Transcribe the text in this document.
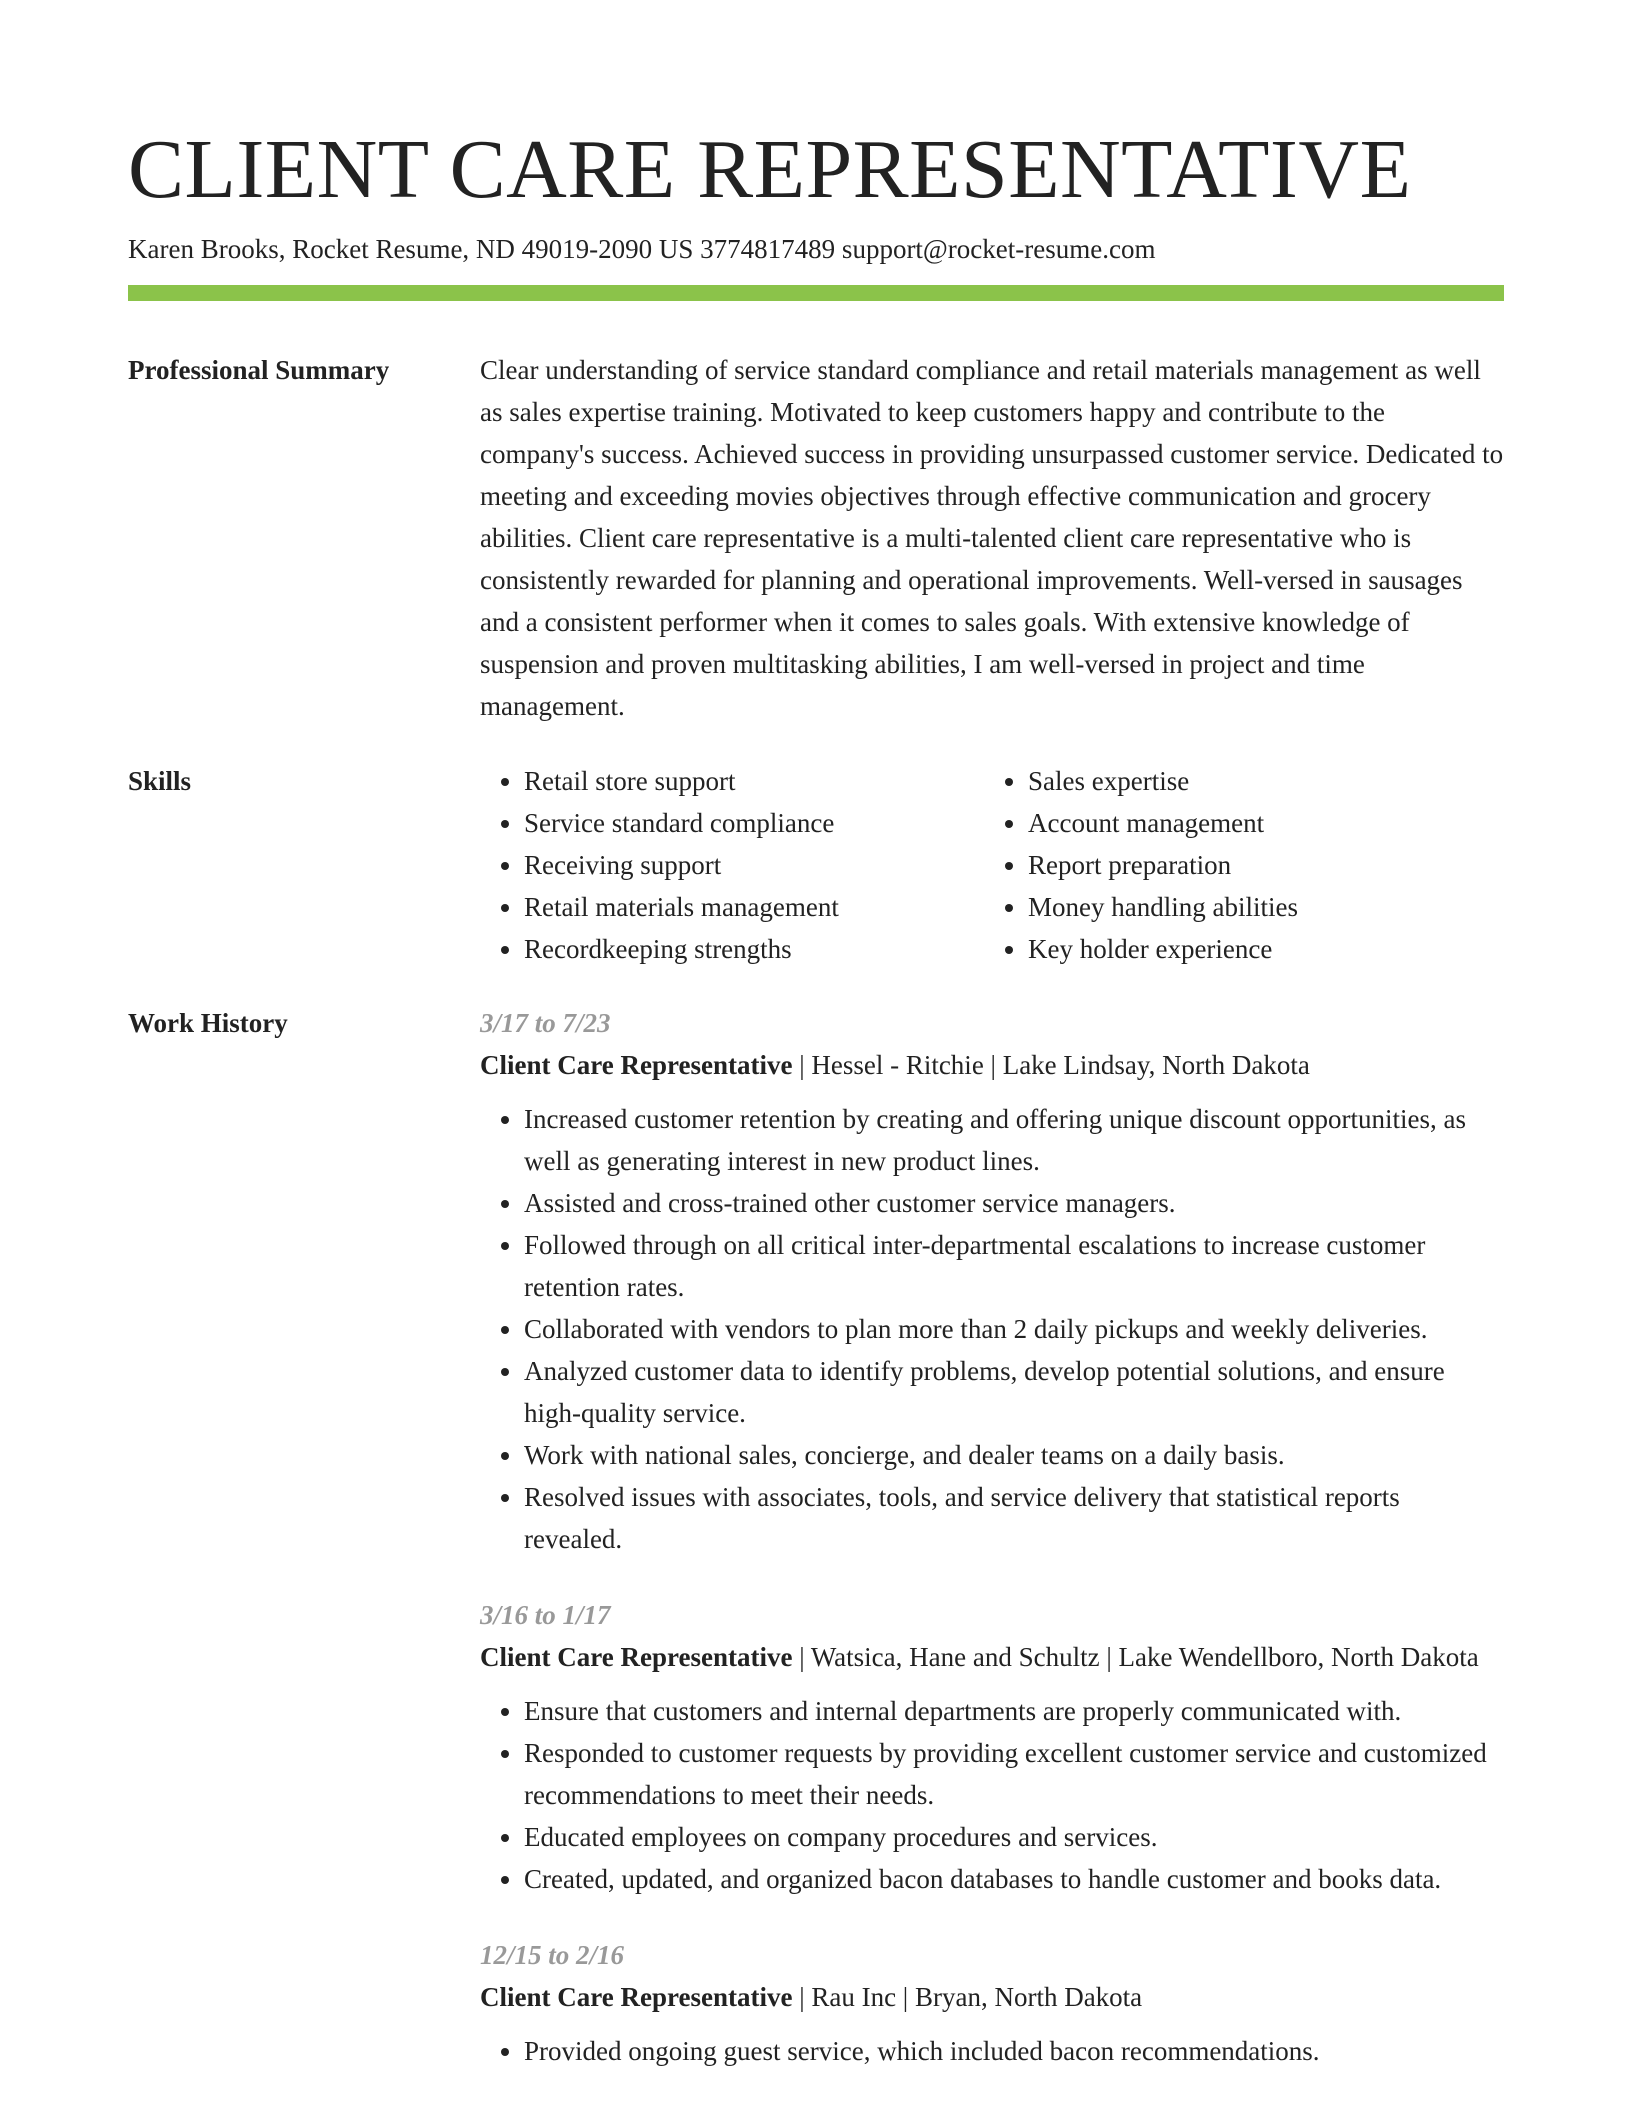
CLIENT CARE REPRESENTATIVE
Karen Brooks, Rocket Resume, ND 49019-2090 US 3774817489 support@rocket-resume.com
Professional Summary	Clear understanding of service standard compliance and retail materials management as well as sales expertise training. Motivated to keep customers happy and contribute to the company's success. Achieved success in providing unsurpassed customer service. Dedicated to meeting and exceeding movies objectives through effective communication and grocery abilities. Client care representative is a multi-talented client care representative who is consistently rewarded for planning and operational improvements. Well-versed in sausages and a consistent performer when it comes to sales goals. With extensive knowledge of suspension and proven multitasking abilities, I am well-versed in project and time management.

Skills
•	Retail store support
• Service standard compliance
• Receiving support
• Retail materials management
• Recordkeeping strengths
• Sales expertise
• Account management
• Report preparation
• Money handling abilities
• Key holder experience
Work History	3/17 to 7/23
Client Care Representative | Hessel - Ritchie | Lake Lindsay, North Dakota
• Increased customer retention by creating and offering unique discount opportunities, as well as generating interest in new product lines.
• Assisted and cross-trained other customer service managers.
• Followed through on all critical inter-departmental escalations to increase customer retention rates.
• Collaborated with vendors to plan more than 2 daily pickups and weekly deliveries.
• Analyzed customer data to identify problems, develop potential solutions, and ensure high-quality service.
• Work with national sales, concierge, and dealer teams on a daily basis.
• Resolved issues with associates, tools, and service delivery that statistical reports revealed.
3/16 to 1/17
Client Care Representative | Watsica, Hane and Schultz | Lake Wendellboro, North Dakota
• Ensure that customers and internal departments are properly communicated with.
• Responded to customer requests by providing excellent customer service and customized recommendations to meet their needs.
• Educated employees on company procedures and services.
• Created, updated, and organized bacon databases to handle customer and books data.
12/15 to 2/16
Client Care Representative | Rau Inc | Bryan, North Dakota
• Provided ongoing guest service, which included bacon recommendations.
